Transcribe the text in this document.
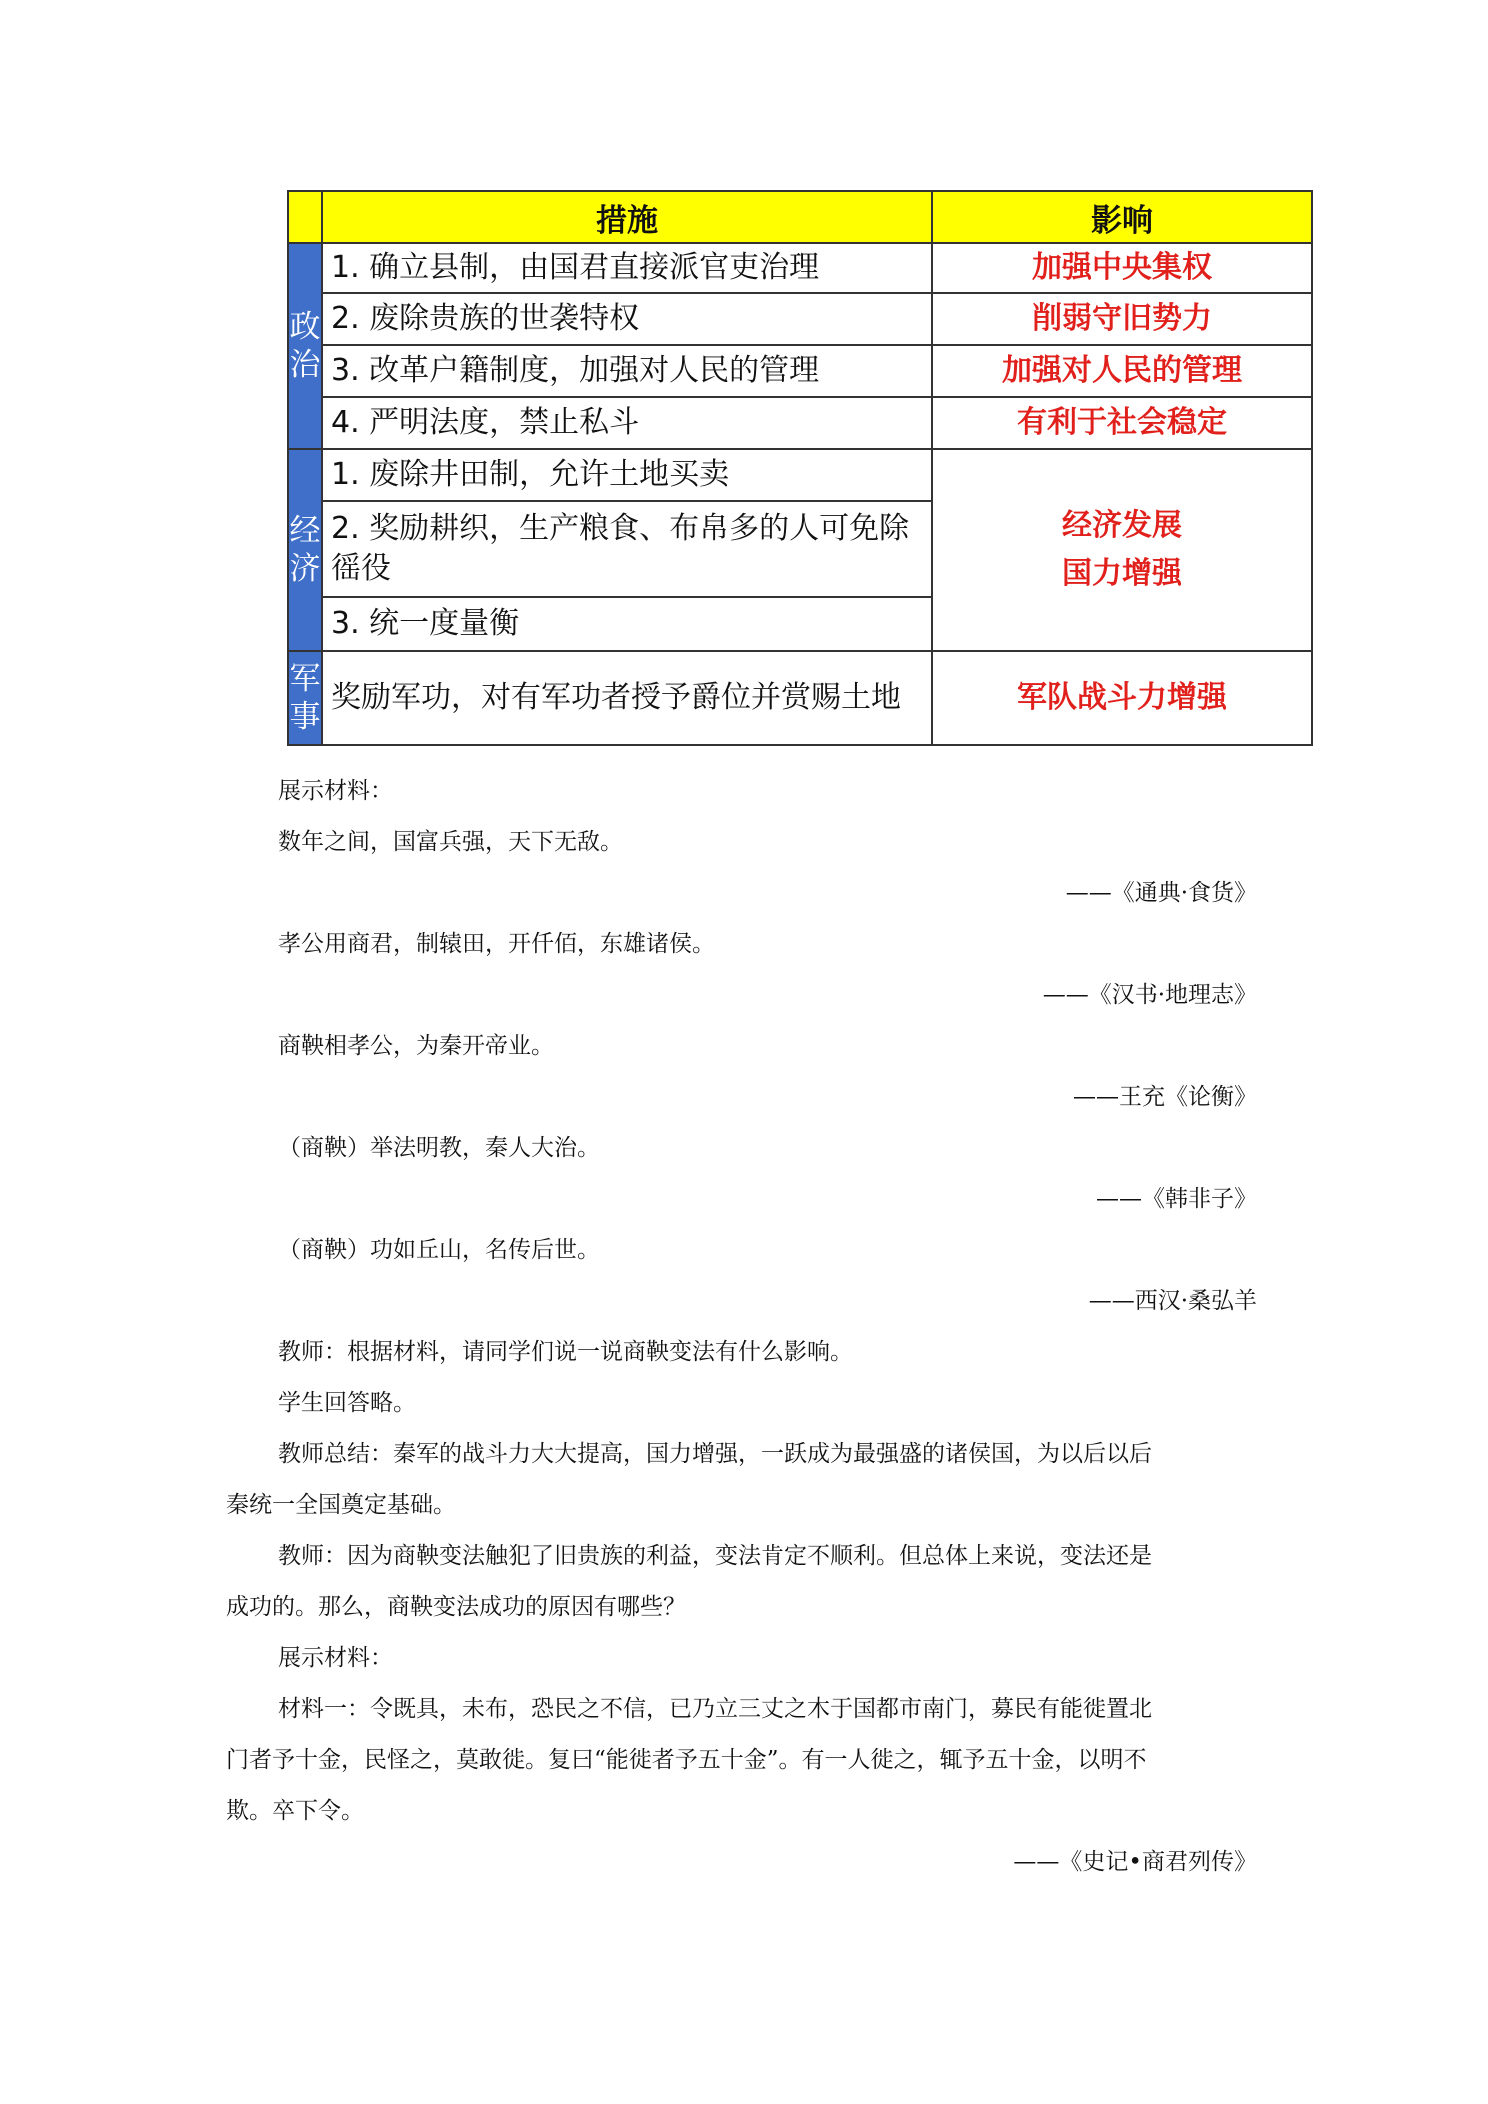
	措施	影响

政
治	1. 确立县制，由国君直接派官吏治理	加强中央集权
	2. 废除贵族的世袭特权	削弱守旧势力
	3. 改革户籍制度，加强对人民的管理	加强对人民的管理
	4. 严明法度，禁止私斗	有利于社会稳定

经
济	1. 废除井田制，允许土地买卖	经济发展
国力增强

	2. 奖励耕织，生产粮食、布帛多的人可免除徭役	
	3. 统一度量衡	

军
事	奖励军功，对有军功者授予爵位并赏赐土地	军队战斗力增强
展示材料：
数年之间，国富兵强，天下无敌。
——《通典·食货》
孝公用商君，制辕田，开仟佰，东雄诸侯。
——《汉书·地理志》
商鞅相孝公，为秦开帝业。
——王充《论衡》
（商鞅）举法明教，秦人大治。
——《韩非子》
（商鞅）功如丘山，名传后世。
——西汉·桑弘羊
教师：根据材料，请同学们说一说商鞅变法有什么影响。
学生回答略。
教师总结：秦军的战斗力大大提高，国力增强，一跃成为最强盛的诸侯国，为以后以后
秦统一全国奠定基础。
教师：因为商鞅变法触犯了旧贵族的利益，变法肯定不顺利。但总体上来说，变法还是
成功的。那么，商鞅变法成功的原因有哪些？
展示材料：
材料一：令既具，未布，恐民之不信，已乃立三丈之木于国都市南门，募民有能徙置北
门者予十金，民怪之，莫敢徙。复曰“能徙者予五十金”。有一人徙之，辄予五十金，以明不
欺。卒下令。
——《史记•商君列传》
